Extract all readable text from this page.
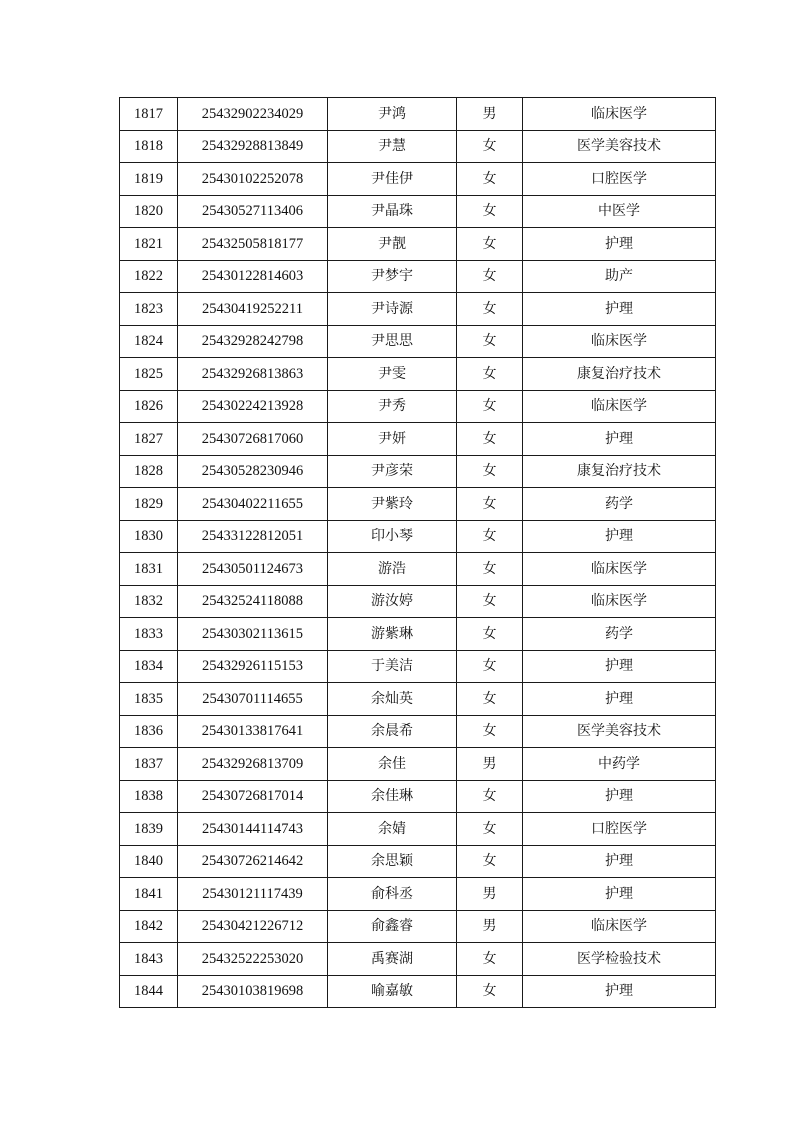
1817	25432902234029	尹鸿	男	临床医学
1818	25432928813849	尹慧	女	医学美容技术
1819	25430102252078	尹佳伊	女	口腔医学
1820	25430527113406	尹晶珠	女	中医学
1821	25432505818177	尹靓	女	护理
1822	25430122814603	尹梦宇	女	助产
1823	25430419252211	尹诗源	女	护理
1824	25432928242798	尹思思	女	临床医学
1825	25432926813863	尹雯	女	康复治疗技术
1826	25430224213928	尹秀	女	临床医学
1827	25430726817060	尹妍	女	护理
1828	25430528230946	尹彦荣	女	康复治疗技术
1829	25430402211655	尹紫玲	女	药学
1830	25433122812051	印小琴	女	护理
1831	25430501124673	游浩	女	临床医学
1832	25432524118088	游汝婷	女	临床医学
1833	25430302113615	游紫琳	女	药学
1834	25432926115153	于美洁	女	护理
1835	25430701114655	余灿英	女	护理
1836	25430133817641	余晨希	女	医学美容技术
1837	25432926813709	余佳	男	中药学
1838	25430726817014	余佳琳	女	护理
1839	25430144114743	余婧	女	口腔医学
1840	25430726214642	余思颖	女	护理
1841	25430121117439	俞科丞	男	护理
1842	25430421226712	俞鑫睿	男	临床医学
1843	25432522253020	禹赛湖	女	医学检验技术
1844	25430103819698	喻嘉敏	女	护理
